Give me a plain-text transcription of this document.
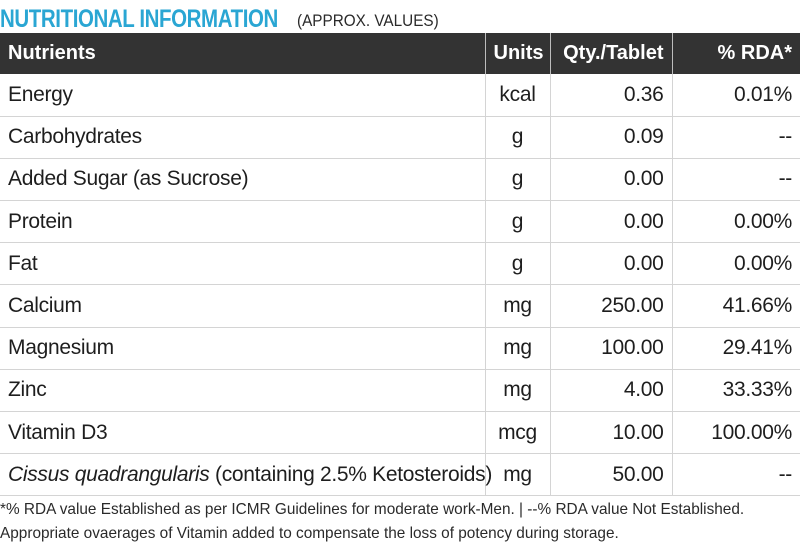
NUTRITIONAL INFORMATION (APPROX. VALUES)
Nutrients	Units	Qty./Tablet	% RDA*
Energy	kcal	0.36	0.01%
Carbohydrates	g	0.09	--
Added Sugar (as Sucrose)	g	0.00	--
Protein	g	0.00	0.00%
Fat	g	0.00	0.00%
Calcium	mg	250.00	41.66%
Magnesium	mg	100.00	29.41%
Zinc	mg	4.00	33.33%
Vitamin D3	mcg	10.00	100.00%
Cissus quadrangularis (containing 2.5% Ketosteroids)	mg	50.00	--
*% RDA value Established as per ICMR Guidelines for moderate work-Men. | --% RDA value Not Established.
Appropriate ovaerages of Vitamin added to compensate the loss of potency during storage.
